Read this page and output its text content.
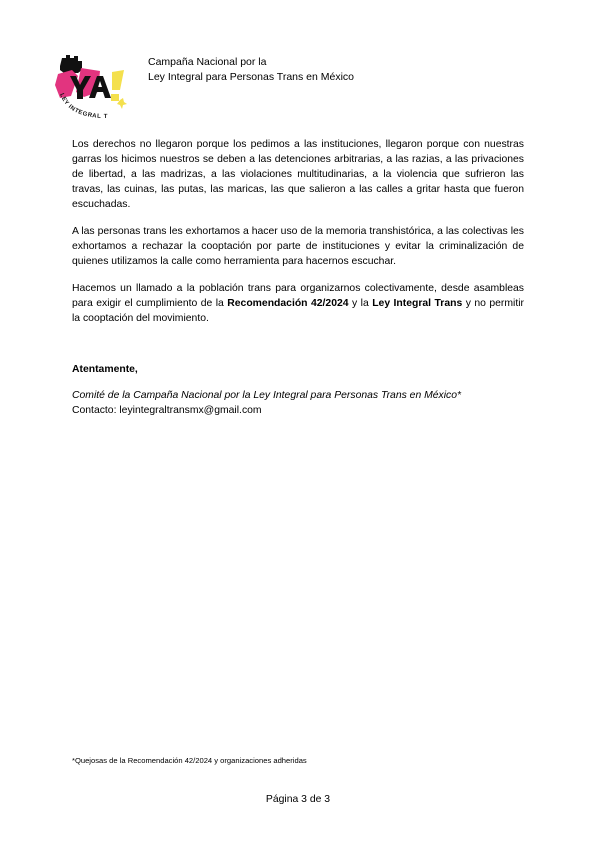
LEY INTEGRAL T
Campaña Nacional por la
Ley Integral para Personas Trans en México

Los derechos no llegaron porque los pedimos a las instituciones, llegaron porque con nuestras garras los hicimos nuestros se deben a las detenciones arbitrarias, a las razias, a las privaciones de libertad, a las madrizas, a las violaciones multitudinarias, a la violencia que sufrieron las travas, las cuinas, las putas, las maricas, las que salieron a las calles a gritar hasta que fueron escuchadas.

A las personas trans les exhortamos a hacer uso de la memoria transhistórica, a las colectivas les exhortamos a rechazar la cooptación por parte de instituciones y evitar la criminalización de quienes utilizamos la calle como herramienta para hacernos escuchar.

Hacemos un llamado a la población trans para organizarnos colectivamente, desde asambleas para exigir el cumplimiento de la Recomendación 42/2024 y la Ley Integral Trans y no permitir la cooptación del movimiento.

Atentamente,
Comité de la Campaña Nacional por la Ley Integral para Personas Trans en México*
Contacto: leyintegraltransmx@gmail.com
*Quejosas de la Recomendación 42/2024 y organizaciones adheridas
Página 3 de 3
